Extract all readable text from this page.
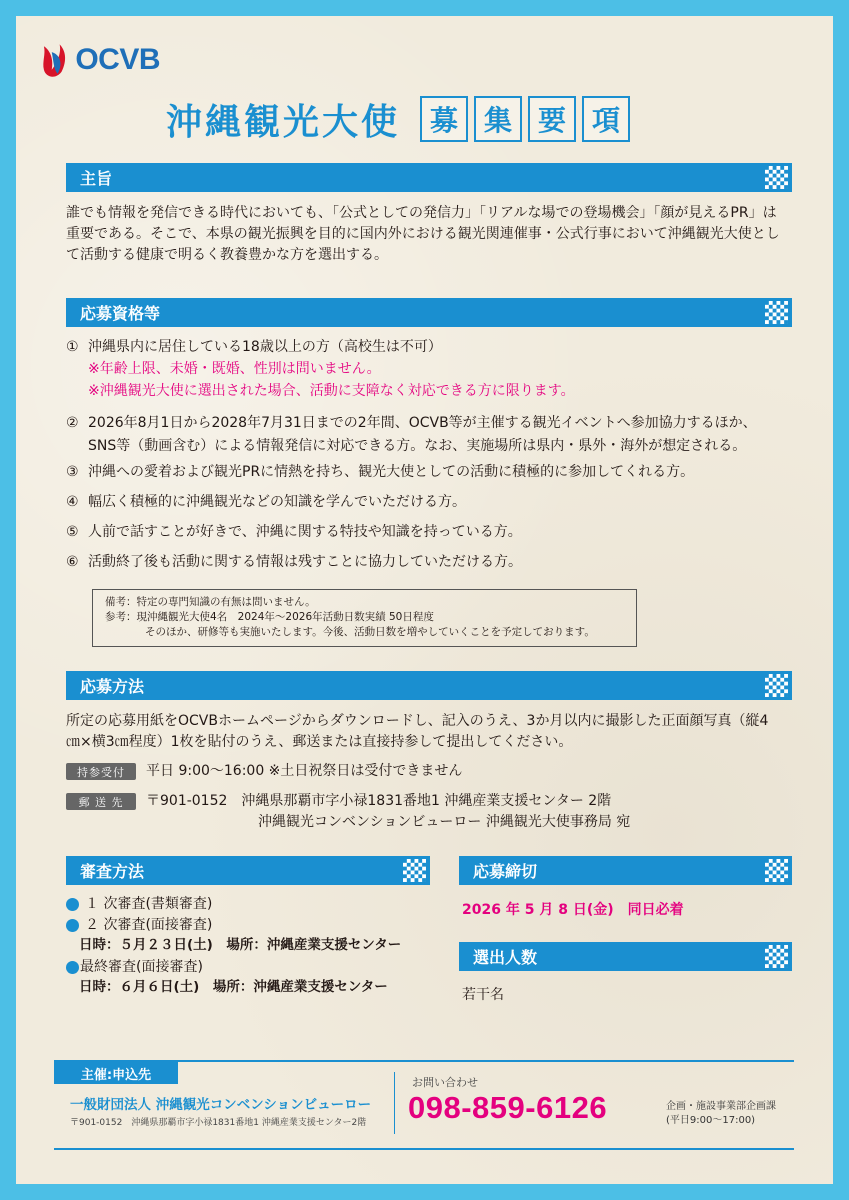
OCVB
沖縄観光大使	募 集 要 項
主旨
誰でも情報を発信できる時代においても、「公式としての発信力」「リアルな場での登場機会」「顔が見えるPR」は
重要である。そこで、本県の観光振興を目的に国内外における観光関連催事・公式行事において沖縄観光大使とし
て活動する健康で明るく教養豊かな方を選出する。
応募資格等
① 沖縄県内に居住している18歳以上の方（高校生は不可）
※年齢上限、未婚・既婚、性別は問いません。
※沖縄観光大使に選出された場合、活動に支障なく対応できる方に限ります。
② 2026年8月1日から2028年7月31日までの2年間、OCVB等が主催する観光イベントへ参加協力するほか、
SNS等（動画含む）による情報発信に対応できる方。なお、実施場所は県内・県外・海外が想定される。
③ 沖縄への愛着および観光PRに情熱を持ち、観光大使としての活動に積極的に参加してくれる方。
④ 幅広く積極的に沖縄観光などの知識を学んでいただける方。
⑤ 人前で話すことが好きで、沖縄に関する特技や知識を持っている方。
⑥ 活動終了後も活動に関する情報は残すことに協力していただける方。
備考：特定の専門知識の有無は問いません。
参考：現沖縄観光大使4名　2024年～2026年活動日数実績 50日程度
そのほか、研修等も実施いたします。今後、活動日数を増やしていくことを予定しております。
応募方法
所定の応募用紙をOCVBホームページからダウンロードし、記入のうえ、3か月以内に撮影した正面顔写真（縦4
㎝×横3㎝程度）1枚を貼付のうえ、郵送または直接持参して提出してください。
持参受付	平日 9:00～16:00 ※土日祝祭日は受付できません
郵 送 先	〒901-0152　沖縄県那覇市字小禄1831番地1 沖縄産業支援センター 2階
沖縄観光コンベンションビューロー 沖縄観光大使事務局 宛
審査方法
１ 次審査(書類審査)
２ 次審査(面接審査)
日時：５月２３日(土)　場所：沖縄産業支援センター
最終審査(面接審査)
日時：６月６日(土)　場所：沖縄産業支援センター
応募締切
2026 年 5 月 8 日(金)　同日必着
選出人数
若干名
主催:申込先
一般財団法人 沖縄観光コンベンションビューロー
〒901-0152　沖縄県那覇市字小禄1831番地1 沖縄産業支援センター2階
お問い合わせ
098-859-6126	企画・施設事業部企画課
(平日9:00～17:00)
